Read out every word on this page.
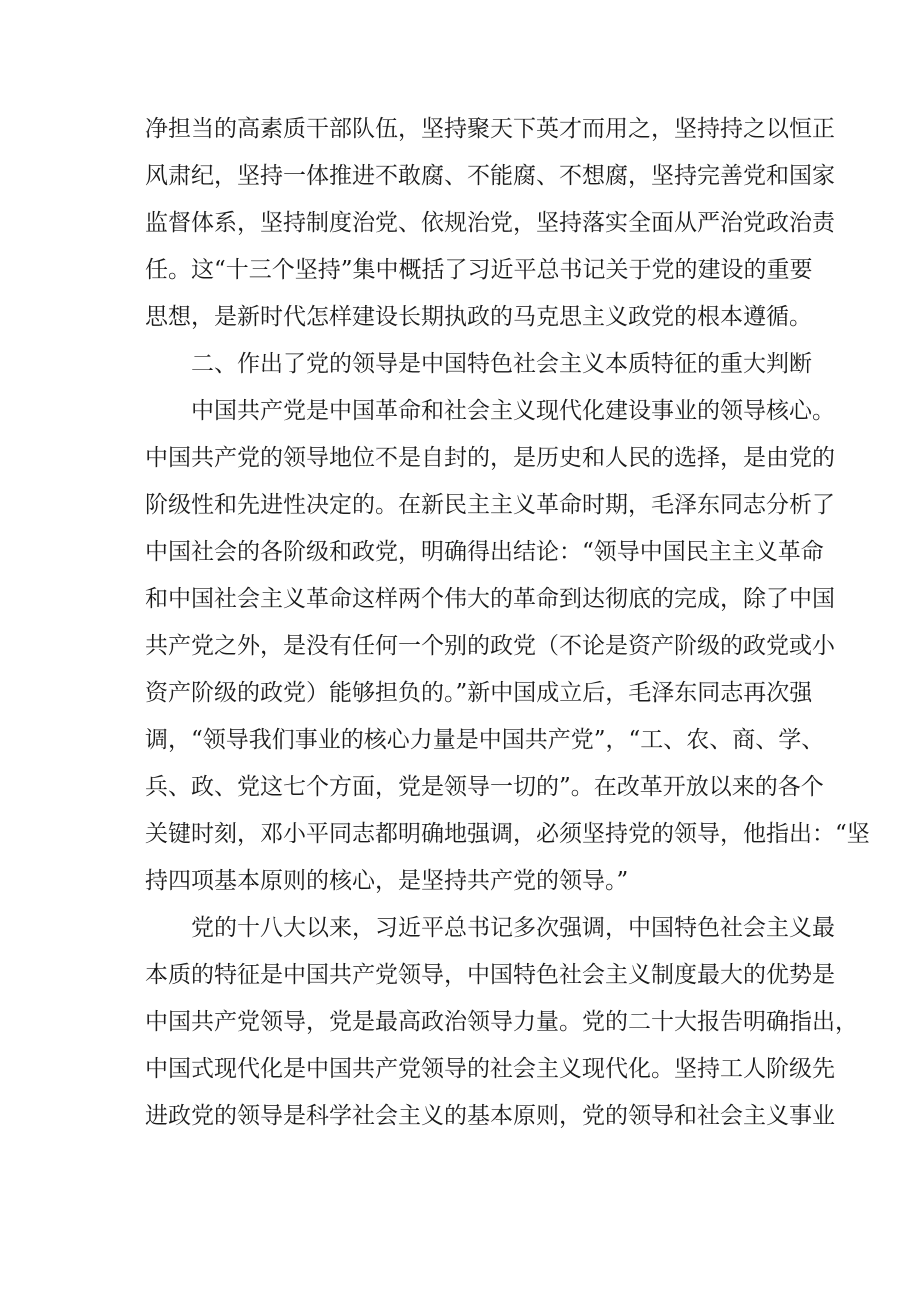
净担当的高素质干部队伍，坚持聚天下英才而用之，坚持持之以恒正
风肃纪，坚持一体推进不敢腐、不能腐、不想腐，坚持完善党和国家
监督体系，坚持制度治党、依规治党，坚持落实全面从严治党政治责
任。这“十三个坚持”集中概括了习近平总书记关于党的建设的重要
思想，是新时代怎样建设长期执政的马克思主义政党的根本遵循。
二、作出了党的领导是中国特色社会主义本质特征的重大判断
中国共产党是中国革命和社会主义现代化建设事业的领导核心。
中国共产党的领导地位不是自封的，是历史和人民的选择，是由党的
阶级性和先进性决定的。在新民主主义革命时期，毛泽东同志分析了
中国社会的各阶级和政党，明确得出结论：“领导中国民主主义革命
和中国社会主义革命这样两个伟大的革命到达彻底的完成，除了中国
共产党之外，是没有任何一个别的政党（不论是资产阶级的政党或小
资产阶级的政党）能够担负的。”新中国成立后，毛泽东同志再次强
调，“领导我们事业的核心力量是中国共产党”，“工、农、商、学、
兵、政、党这七个方面，党是领导一切的”。在改革开放以来的各个
关键时刻，邓小平同志都明确地强调，必须坚持党的领导，他指出：“坚
持四项基本原则的核心，是坚持共产党的领导。”
党的十八大以来，习近平总书记多次强调，中国特色社会主义最
本质的特征是中国共产党领导，中国特色社会主义制度最大的优势是
中国共产党领导，党是最高政治领导力量。党的二十大报告明确指出，
中国式现代化是中国共产党领导的社会主义现代化。坚持工人阶级先
进政党的领导是科学社会主义的基本原则，党的领导和社会主义事业
